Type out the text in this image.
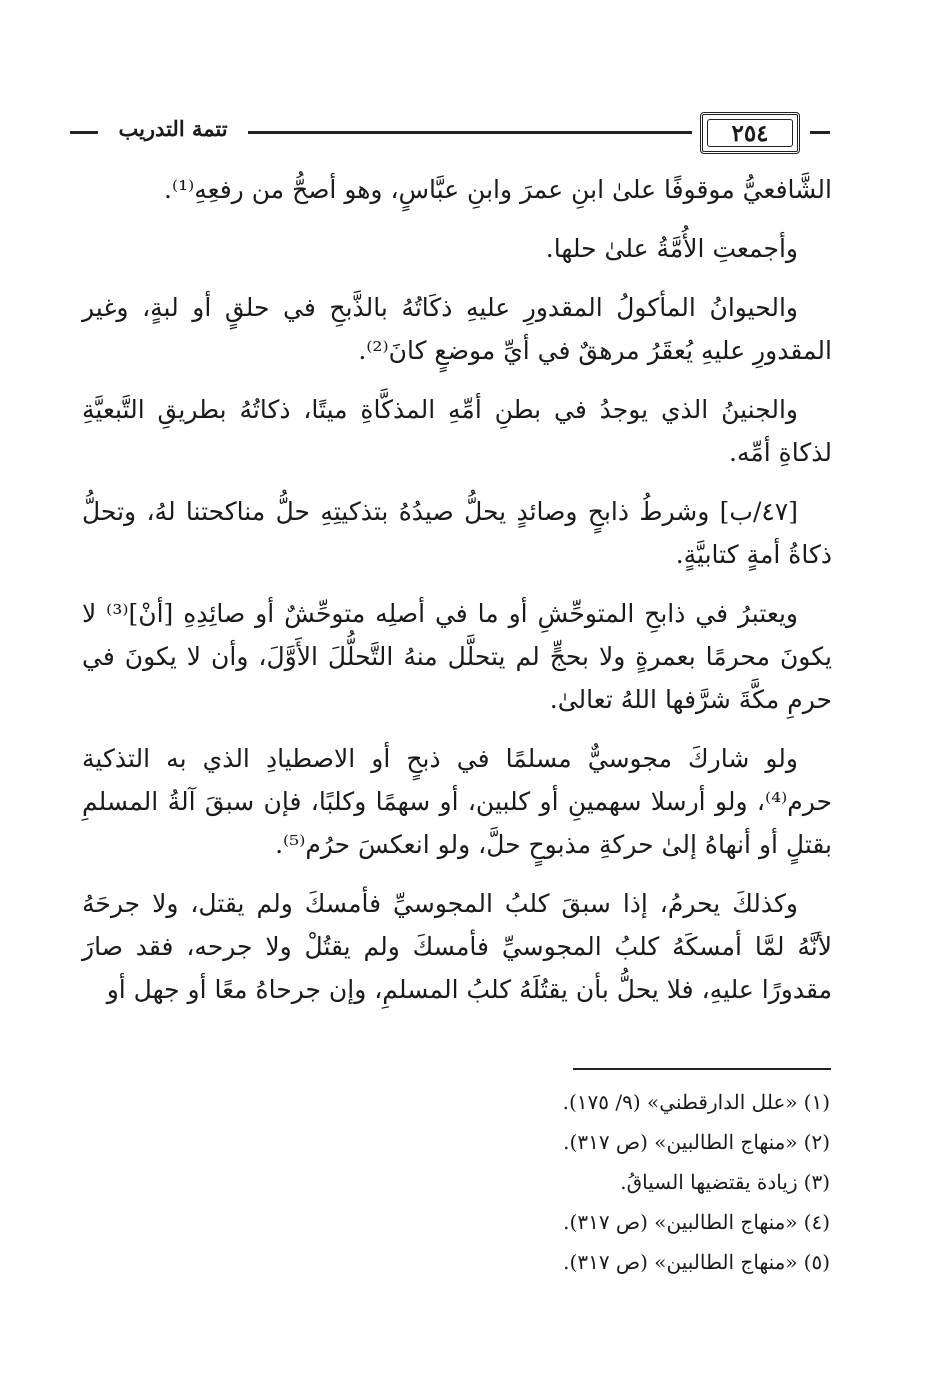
٢٥٤
تتمة التدريب

الشَّافعيُّ موقوفًا علىٰ ابنِ عمرَ وابنِ عبَّاسٍ، وهو أصحُّ من رفعِهِ⁽¹⁾.

وأجمعتِ الأُمَّةُ علىٰ حلها.

والحيوانُ المأكولُ المقدورِ عليهِ ذكَاتُهُ بالذَّبحِ في حلقٍ أو لبةٍ، وغير المقدورِ عليهِ يُعقَرُ مرهقٌ في أيِّ موضعٍ كانَ⁽²⁾.

والجنينُ الذي يوجدُ في بطنِ أمِّهِ المذكَّاةِ ميتًا، ذكاتُهُ بطريقِ التَّبعيَّةِ لذكاةِ أمِّه.

[٤٧/ب] وشرطُ ذابحٍ وصائدٍ يحلُّ صيدُهُ بتذكيتِهِ حلُّ مناكحتنا لهُ، وتحلُّ ذكاةُ أمةٍ كتابيَّةٍ.

ويعتبرُ في ذابحِ المتوحِّشِ أو ما في أصلِه متوحِّشٌ أو صائِدِهِ [أنْ]⁽³⁾ لا يكونَ محرمًا بعمرةٍ ولا بحجٍّ لم يتحلَّل منهُ التَّحلُّلَ الأَوَّلَ، وأن لا يكونَ في حرمِ مكَّةَ شرَّفها اللهُ تعالىٰ.

ولو شاركَ مجوسيٌّ مسلمًا في ذبحٍ أو الاصطيادِ الذي به التذكية حرم⁽⁴⁾، ولو أرسلا سهمينِ أو كلبين، أو سهمًا وكلبًا، فإن سبقَ آلةُ المسلمِ بقتلٍ أو أنهاهُ إلىٰ حركةِ مذبوحٍ حلَّ، ولو انعكسَ حرُم⁽⁵⁾.

وكذلكَ يحرمُ، إذا سبقَ كلبُ المجوسيِّ فأمسكَ ولم يقتل، ولا جرحَهُ لأنَّهُ لمَّا أمسكَهُ كلبُ المجوسيِّ فأمسكَ ولم يقتُلْ ولا جرحه، فقد صارَ مقدورًا عليهِ، فلا يحلُّ بأن يقتُلَهُ كلبُ المسلمِ، وإن جرحاهُ معًا أو جهل أو

(١)«علل الدارقطني» (٩/ ١٧٥).
(٢)«منهاج الطالبين» (ص ٣١٧).
(٣)زيادة يقتضيها السياقُ.
(٤)«منهاج الطالبين» (ص ٣١٧).
(٥)«منهاج الطالبين» (ص ٣١٧).
